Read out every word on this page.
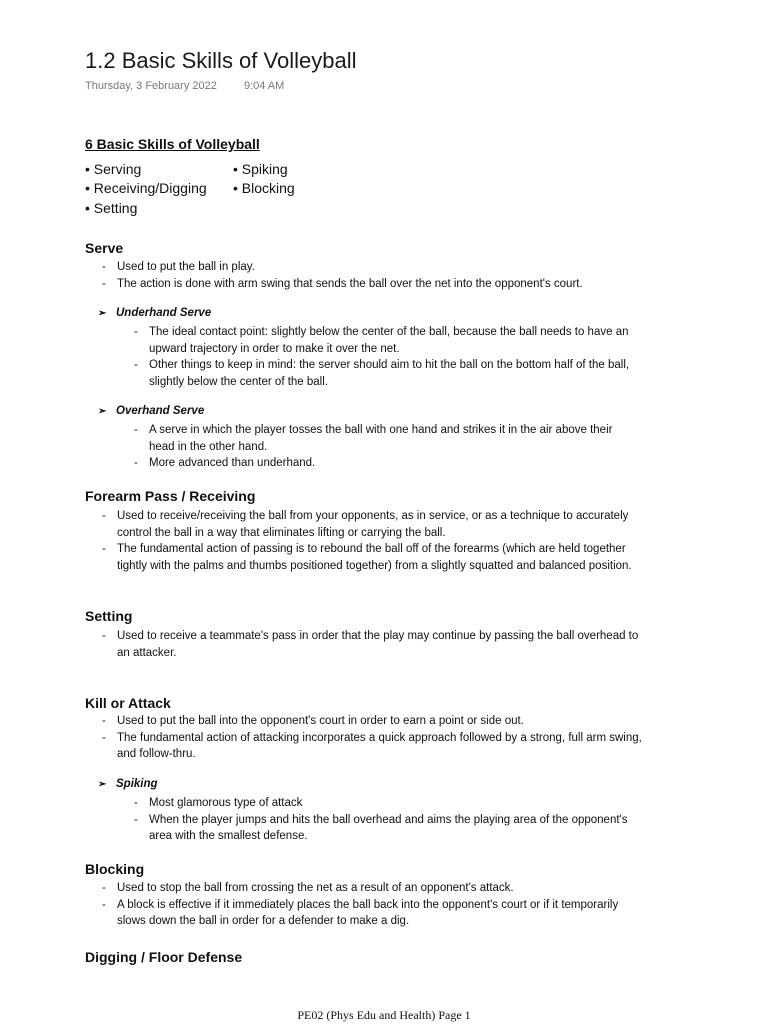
1.2 Basic Skills of Volleyball
Thursday, 3 February 2022 9:04 AM
6 Basic Skills of Volleyball
• Serving	• Spiking
• Receiving/Digging • Blocking
• Setting
Serve
- Used to put the ball in play.
- The action is done with arm swing that sends the ball over the net into the opponent's court.
➢ Underhand Serve
- The ideal contact point: slightly below the center of the ball, because the ball needs to have an upward trajectory in order to make it over the net.
- Other things to keep in mind: the server should aim to hit the ball on the bottom half of the ball, slightly below the center of the ball.
➢ Overhand Serve
- A serve in which the player tosses the ball with one hand and strikes it in the air above their head in the other hand.
- More advanced than underhand.
Forearm Pass / Receiving
- Used to receive/receiving the ball from your opponents, as in service, or as a technique to accurately control the ball in a way that eliminates lifting or carrying the ball.
- The fundamental action of passing is to rebound the ball off of the forearms (which are held together tightly with the palms and thumbs positioned together) from a slightly squatted and balanced position.
Setting
- Used to receive a teammate's pass in order that the play may continue by passing the ball overhead to an attacker.
Kill or Attack
- Used to put the ball into the opponent's court in order to earn a point or side out.
- The fundamental action of attacking incorporates a quick approach followed by a strong, full arm swing, and follow-thru.
➢ Spiking
- Most glamorous type of attack
- When the player jumps and hits the ball overhead and aims the playing area of the opponent's area with the smallest defense.
Blocking
- Used to stop the ball from crossing the net as a result of an opponent's attack.
- A block is effective if it immediately places the ball back into the opponent's court or if it temporarily slows down the ball in order for a defender to make a dig.
Digging / Floor Defense
PE02 (Phys Edu and Health) Page 1
